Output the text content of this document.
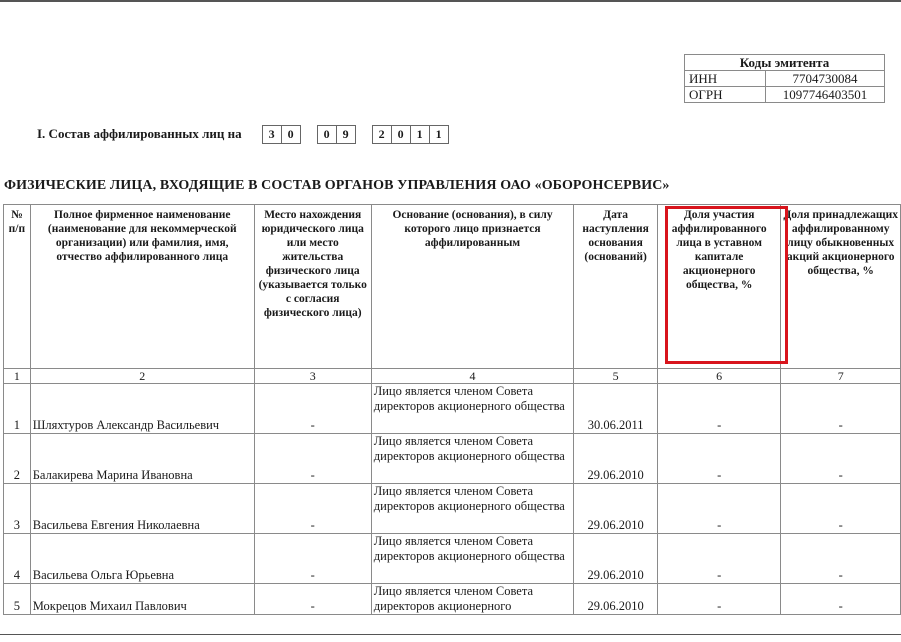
Коды эмитента	
ИНН	7704730084
ОГРН	1097746403501
I. Состав аффилированных лиц на	3	0	0	9	2	0	1	1
ФИЗИЧЕСКИЕ ЛИЦА, ВХОДЯЩИЕ В СОСТАВ ОРГАНОВ УПРАВЛЕНИЯ ОАО «ОБОРОНСЕРВИС»
№ п/п	Полное фирменное наименование (наименование для некоммерческой организации) или фамилия, имя, отчество аффилированного лица	Место нахождения юридического лица или место жительства физического лица (указывается только с согласия физического лица)	Основание (основания), в силу которого лицо признается аффилированным	Дата наступления основания (оснований)	Доля участия аффилированного лица в уставном капитале акционерного общества, %	Доля принадлежащих аффилированному лицу обыкновенных акций акционерного общества, %
1	2	3	4	5	6	7
1	Шляхтуров Александр Васильевич	-	Лицо является членом Совета директоров акционерного общества	30.06.2011	-	-
2	Балакирева Марина Ивановна	-	Лицо является членом Совета директоров акционерного общества	29.06.2010	-	-
3	Васильева Евгения Николаевна	-	Лицо является членом Совета директоров акционерного общества	29.06.2010	-	-
4	Васильева Ольга Юрьевна	-	Лицо является членом Совета директоров акционерного общества	29.06.2010	-	-
5	Мокрецов Михаил Павлович	-	Лицо является членом Совета директоров акционерного	29.06.2010	-	-
